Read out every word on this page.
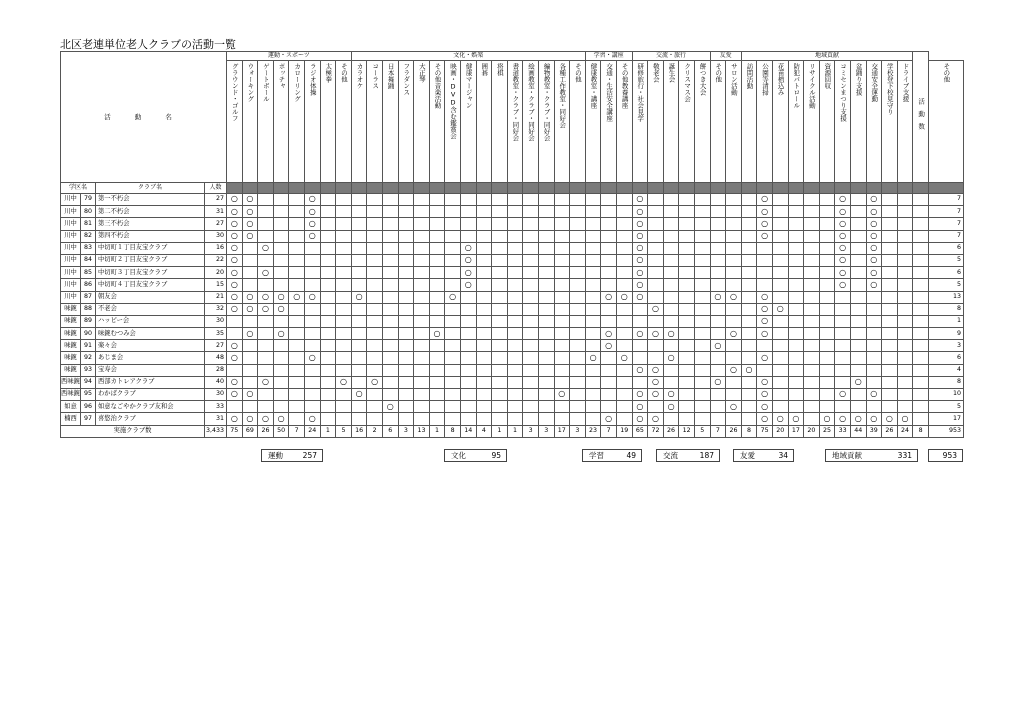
北区老連単位老人クラブの活動一覧
活 動 名				運動・スポーツ								文化・娯楽															学習・講座			交流・旅行					友愛		地域貢献											活動数	
				グラウンド・ゴルフ	ウォーキング	ゲートボール	ボッチャ	カローリング	ラジオ体操	太極拳	その他	カラオケ	コーラス	日本舞踊	フラダンス	大正琴	その他音楽活動	映画・DVD含む鑑賞会	健康マージャン	囲碁	将棋	書道教室・クラブ・同好会	絵画教室・クラブ・同好会	編物教室・クラブ・同好会	各種工作教室・同好会	その他	健康教室・講座	交通・生活安全講座	その他教養講座	研修旅行・社会見学	敬老会	誕生会	クリスマス会	餅つき大会	その他	サロン活動	訪問活動	公園等清掃	花苗植込み	防犯パトロール	リサイクル活動	資源回収	コミセンまつり支援	盆踊り支援	交通安全運動	学校登下校見守り	ドライブ支援		その他
学区名		クラブ名	人数																																														
川中	79	第一不朽会	27	○	○				○																					○								○					○		○				7
川中	80	第二不朽会	31	○	○				○																					○								○					○		○				7
川中	81	第三不朽会	27	○	○				○																					○								○					○		○				7
川中	82	第四不朽会	30	○	○				○																					○								○					○		○				7
川中	83	中切町１丁目友宝クラブ	16	○		○													○											○													○		○				6
川中	84	中切町２丁目友宝クラブ	22	○															○											○													○		○				5
川中	85	中切町３丁目友宝クラブ	20	○		○													○											○													○		○				6
川中	86	中切町４丁目友宝クラブ	15	○															○											○													○		○				5
川中	87	朝友会	21	○	○	○	○	○	○			○						○										○	○	○					○	○		○											13
味鋺	88	不老会	32	○	○	○	○																								○							○	○										8
味鋺	89	ハッピー会	30																																			○											1
味鋺	90	味鋺むつみ会	35		○		○										○											○		○	○	○				○		○											9
味鋺	91	楽々会	27	○																								○							○														3
味鋺	92	あじま会	48	○					○																		○		○			○						○											6
味鋺	93	宝寿会	28																											○	○					○	○												4
西味鋺	94	西部カトレアクラブ	40	○		○					○		○																		○				○			○						○					8
西味鋺	95	わかばクラブ	30	○	○							○													○					○	○	○						○					○		○				10
如意	96	如意なごやかクラブ友和会	33											○																○		○				○		○											5
楠西	97	喜悠治クラブ	31	○	○	○	○		○																			○		○	○							○	○	○		○	○	○	○	○	○		17
実施クラブ数			3,433	75	69	26	50	7	24	1	5	16	2	6	3	13	1	8	14	4	1	1	3	3	17	3	23	7	19	65	72	26	12	5	7	26	8	75	20	17	20	25	33	44	39	26	24	8	953
運動	257	文化	95	学習	49	交流	187	友愛	34	地域貢献	331	953
